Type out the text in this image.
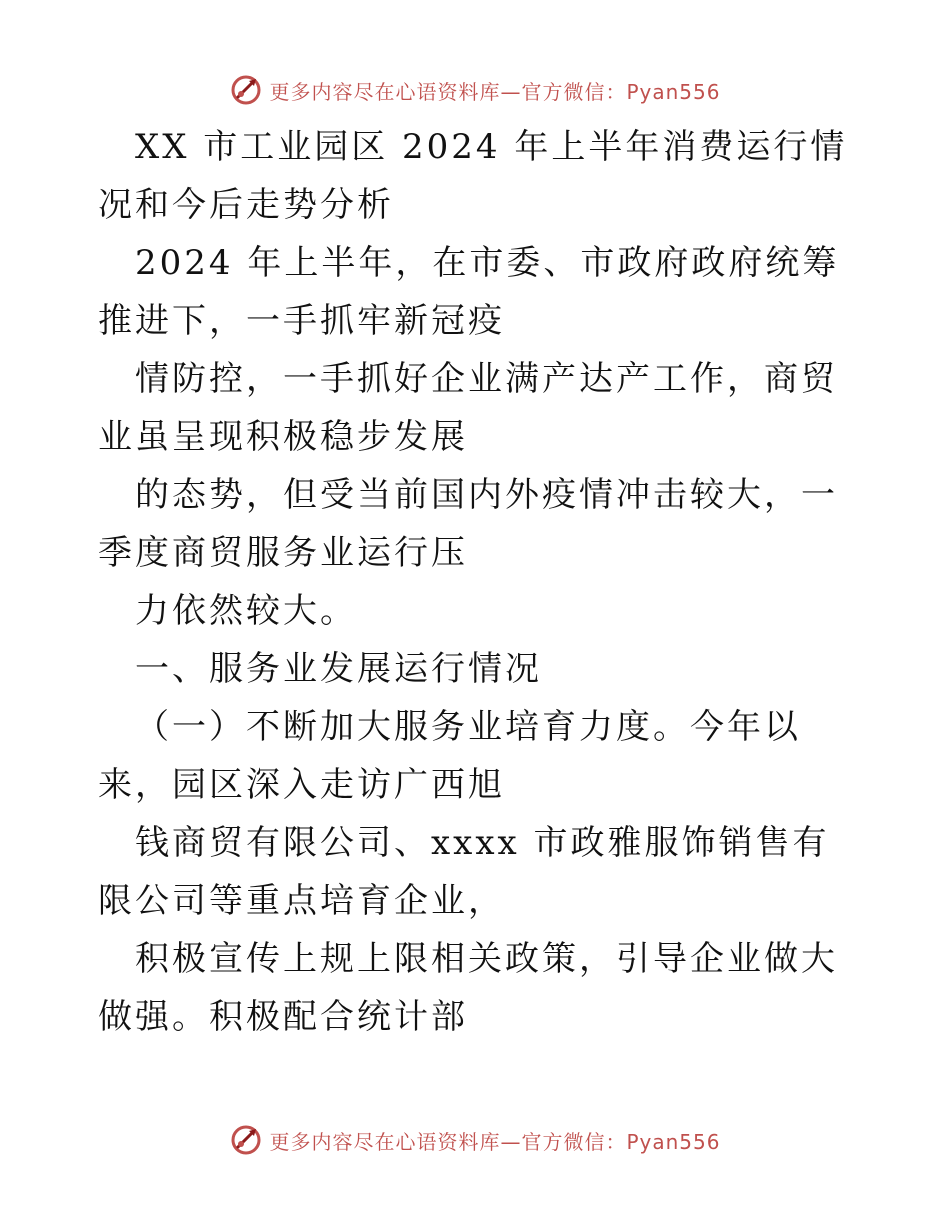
更多内容尽在心语资料库—官方微信：Pyan556

XX 市工业园区 2024 年上半年消费运行情况和今后走势分析

2024 年上半年，在市委、市政府政府统筹推进下，一手抓牢新冠疫

情防控，一手抓好企业满产达产工作，商贸业虽呈现积极稳步发展

的态势，但受当前国内外疫情冲击较大，一季度商贸服务业运行压

力依然较大。

一、服务业发展运行情况

（一）不断加大服务业培育力度。今年以来，园区深入走访广西旭

钱商贸有限公司、xxxx 市政雅服饰销售有限公司等重点培育企业，

积极宣传上规上限相关政策，引导企业做大做强。积极配合统计部

更多内容尽在心语资料库—官方微信：Pyan556
